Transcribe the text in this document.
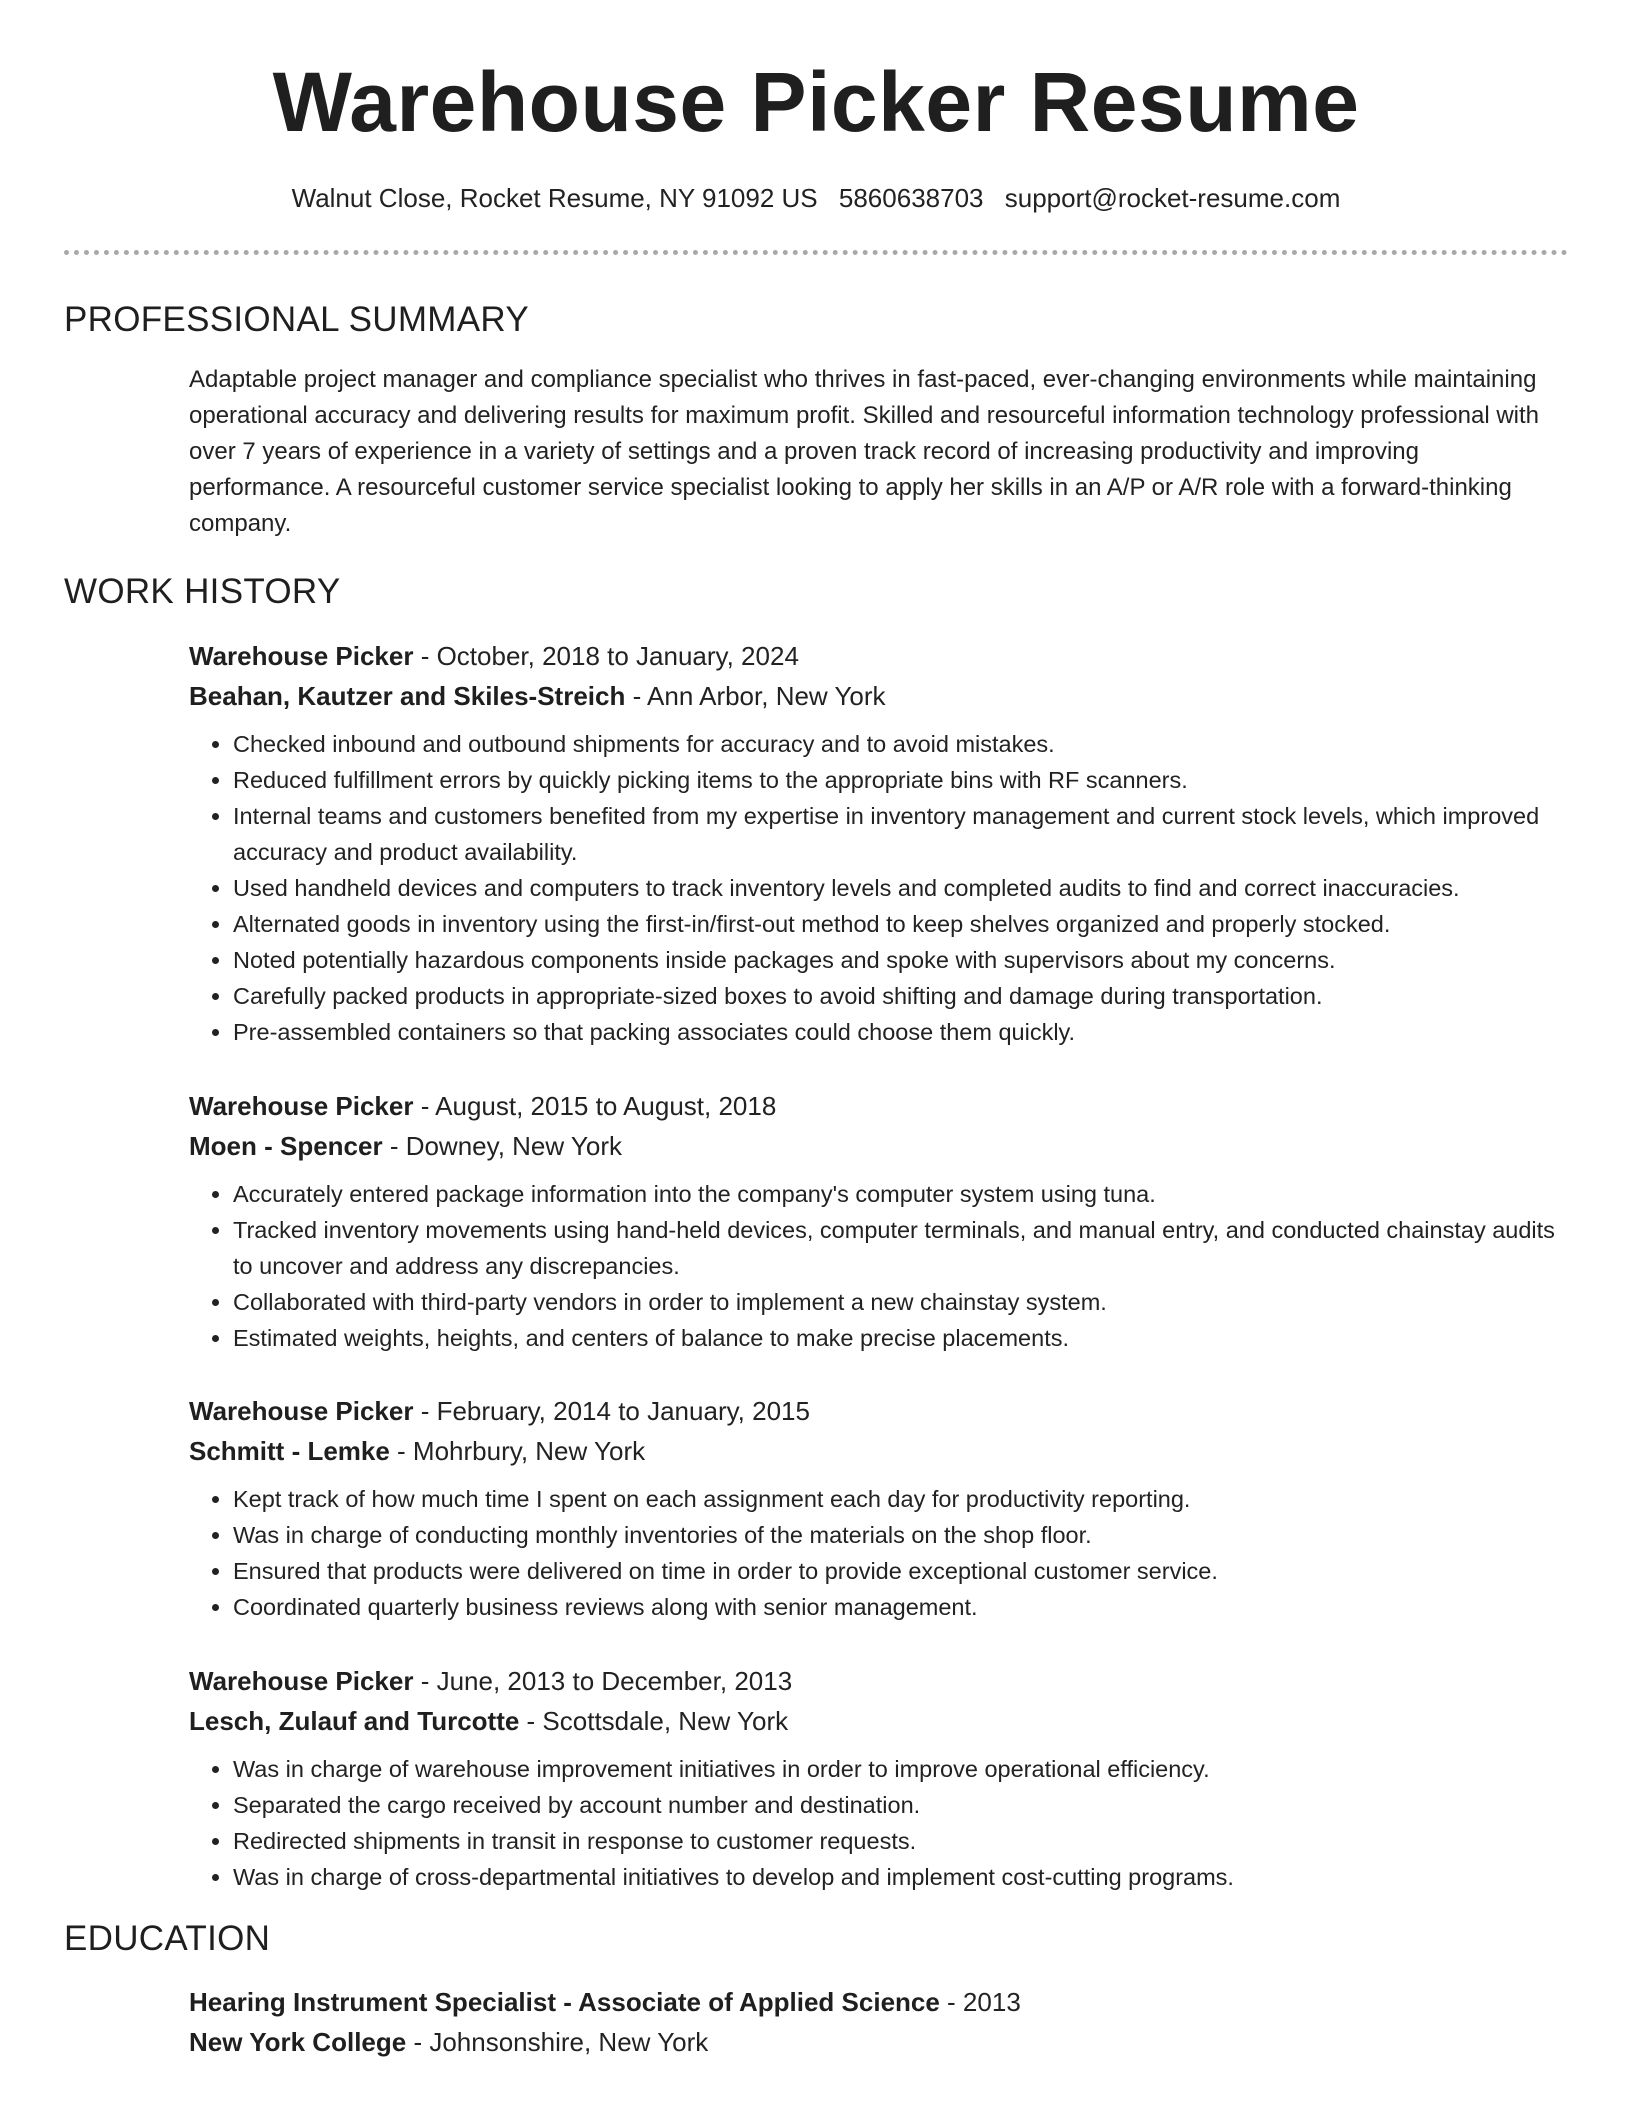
Warehouse Picker Resume
Walnut Close, Rocket Resume, NY 91092 US 5860638703 support@rocket-resume.com
PROFESSIONAL SUMMARY

Adaptable project manager and compliance specialist who thrives in fast-paced, ever-changing environments while maintaining operational accuracy and delivering results for maximum profit. Skilled and resourceful information technology professional with over 7 years of experience in a variety of settings and a proven track record of increasing productivity and improving performance. A resourceful customer service specialist looking to apply her skills in an A/P or A/R role with a forward-thinking company.

WORK HISTORY

Warehouse Picker - October, 2018 to January, 2024

Beahan, Kautzer and Skiles-Streich - Ann Arbor, New York

• Checked inbound and outbound shipments for accuracy and to avoid mistakes.
• Reduced fulfillment errors by quickly picking items to the appropriate bins with RF scanners.
• Internal teams and customers benefited from my expertise in inventory management and current stock levels, which improved accuracy and product availability.
• Used handheld devices and computers to track inventory levels and completed audits to find and correct inaccuracies.
• Alternated goods in inventory using the first-in/first-out method to keep shelves organized and properly stocked.
• Noted potentially hazardous components inside packages and spoke with supervisors about my concerns.
• Carefully packed products in appropriate-sized boxes to avoid shifting and damage during transportation.
• Pre-assembled containers so that packing associates could choose them quickly.

Warehouse Picker - August, 2015 to August, 2018

Moen - Spencer - Downey, New York

• Accurately entered package information into the company's computer system using tuna.
• Tracked inventory movements using hand-held devices, computer terminals, and manual entry, and conducted chainstay audits to uncover and address any discrepancies.
• Collaborated with third-party vendors in order to implement a new chainstay system.
• Estimated weights, heights, and centers of balance to make precise placements.

Warehouse Picker - February, 2014 to January, 2015

Schmitt - Lemke - Mohrbury, New York

• Kept track of how much time I spent on each assignment each day for productivity reporting.
• Was in charge of conducting monthly inventories of the materials on the shop floor.
• Ensured that products were delivered on time in order to provide exceptional customer service.
• Coordinated quarterly business reviews along with senior management.

Warehouse Picker - June, 2013 to December, 2013

Lesch, Zulauf and Turcotte - Scottsdale, New York

• Was in charge of warehouse improvement initiatives in order to improve operational efficiency.
• Separated the cargo received by account number and destination.
• Redirected shipments in transit in response to customer requests.
• Was in charge of cross-departmental initiatives to develop and implement cost-cutting programs.
EDUCATION

Hearing Instrument Specialist - Associate of Applied Science - 2013

New York College - Johnsonshire, New York
